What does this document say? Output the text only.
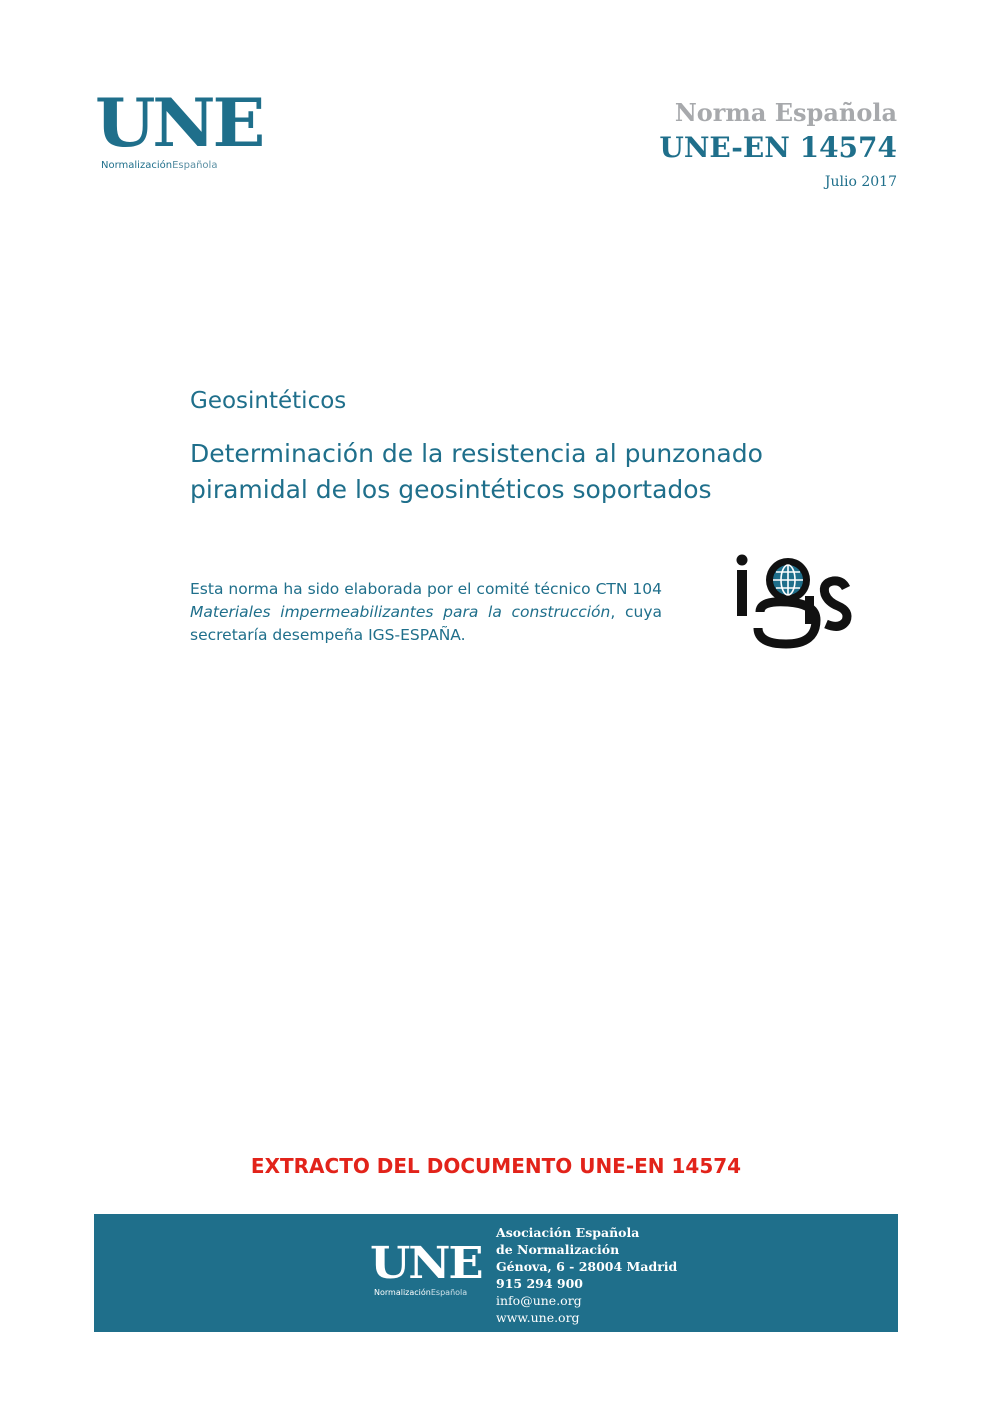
UNE
NormalizaciónEspañola
Norma Española
UNE-EN 14574
Julio 2017
Geosintéticos
Determinación de la resistencia al punzonado piramidal de los geosintéticos soportados
Esta norma ha sido elaborada por el comité técnico CTN 104 Materiales impermeabilizantes para la construcción, cuya secretaría desempeña IGS-ESPAÑA.
EXTRACTO DEL DOCUMENTO UNE-EN 14574
UNE
NormalizaciónEspañola
Asociación Española
de Normalización
Génova, 6 - 28004 Madrid
915 294 900
info@une.org
www.une.org
